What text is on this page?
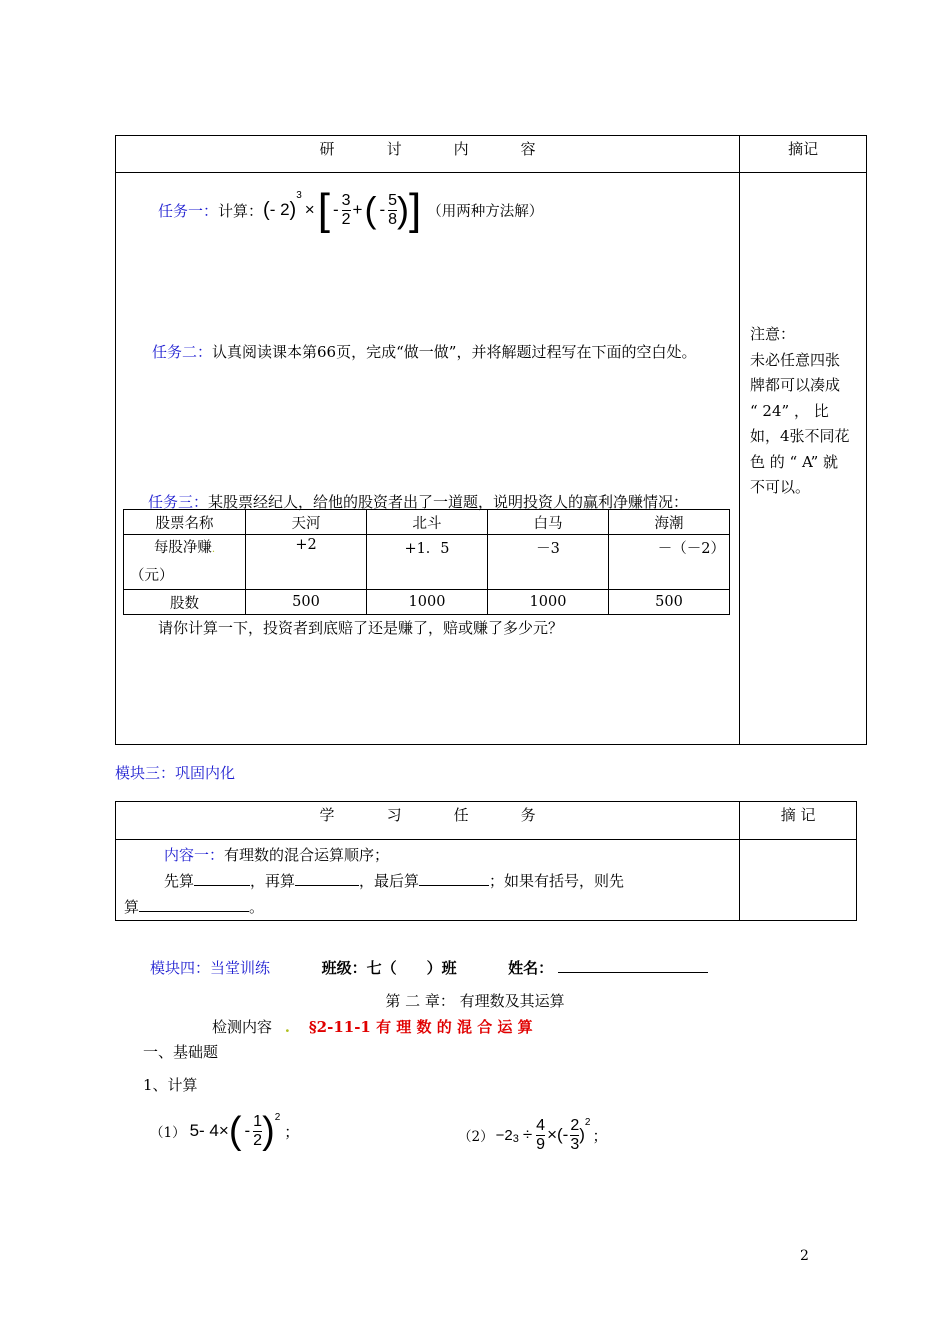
研 讨 内 容	摘记

任务一： 计算： ( - 2 )
$^3$
× [ - $\frac{3}{2}$ + ( - $\frac{5}{8}$ ) ] （用两种方法解）
任务二：认真阅读课本第66页，完成“做一做”，并将解题过程写在下面的空白处。
任务三：某股票经纪人，给他的股资者出了一道题，说明投资人的赢利净赚情况：
股票名称	天河	北斗	白马	海潮

每股净赚.
（元）	+2	+1．5	－3	－（－2）
股数	500	1000	1000	500
请你计算一下，投资者到底赔了还是赚了，赔或赚了多少元？
注意：
未必任意四张
牌都可以凑成
“ 24” ， 比
如，4张不同花
色 的 “ A” 就
不可以。
模块三：巩固内化
学 习 任 务	摘 记

内容一：有理数的混合运算顺序；
先算 ，再算 ，最后算 ；如果有括号，则先
算 。	

模块四：当堂训练	班级：七（　　）班	姓名：
第 二 章： 有理数及其运算
检测内容 . §2-11-1 有 理 数 的 混 合 运 算
一、基础题
1、计算
（1） 5- 4× ( - $\frac{1}{2} )^2$
；	$(2) -2_3 \div \frac{4}{9}$ ×(- $\frac{2}{3}$ )
$^2$
；
2
